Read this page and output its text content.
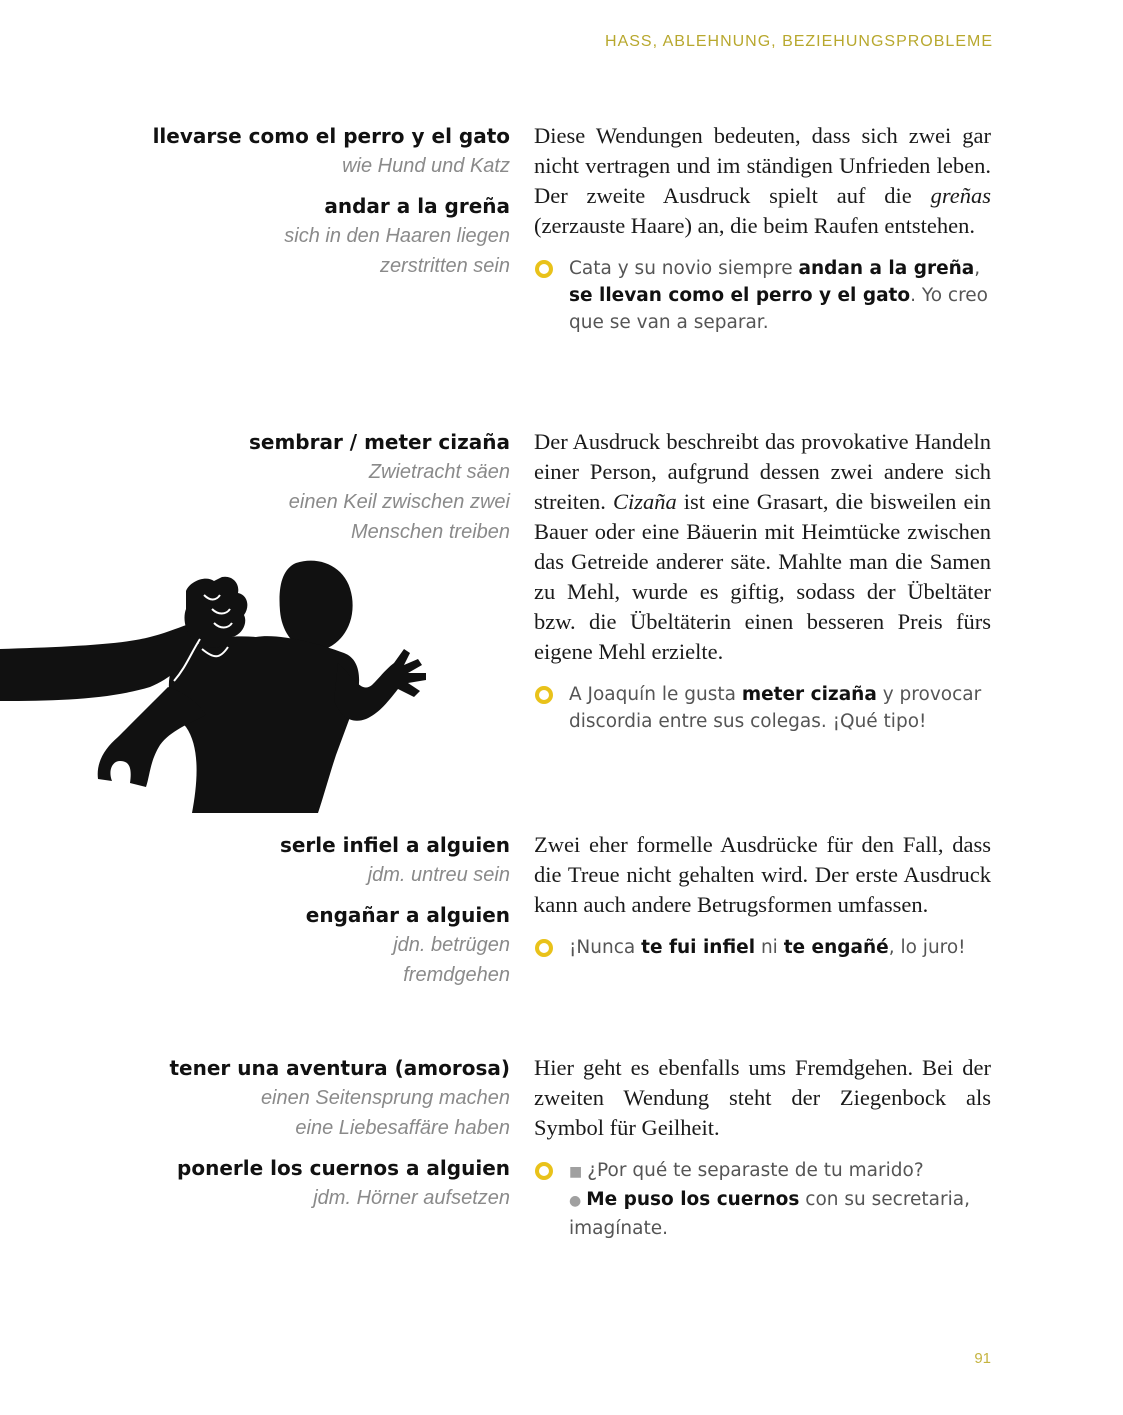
HASS, ABLEHNUNG, BEZIEHUNGSPROBLEME
llevarse como el perro y el gato
wie Hund und Katz
andar a la greña
sich in den Haaren liegen
zerstritten sein

Diese Wendungen bedeuten, dass sich zwei gar nicht vertragen und im ständigen Unfrieden leben. Der zweite Ausdruck spielt auf die greñas (zerzauste Haare) an, die beim Raufen entstehen.

Cata y su novio siempre andan a la greña, se llevan como el perro y el gato. Yo creo que se van a separar.
sembrar / meter cizaña
Zwietracht säen
einen Keil zwischen zwei
Menschen treiben

Der Ausdruck beschreibt das provokative Handeln einer Person, aufgrund dessen zwei andere sich streiten. Cizaña ist eine Grasart, die bisweilen ein Bauer oder eine Bäuerin mit Heimtücke zwischen das Getreide anderer säte. Mahlte man die Samen zu Mehl, wurde es giftig, sodass der Übeltäter bzw. die Übeltäterin einen besseren Preis fürs eigene Mehl erzielte.

A Joaquín le gusta meter cizaña y provocar discordia entre sus colegas. ¡Qué tipo!
serle infiel a alguien
jdm. untreu sein
engañar a alguien
jdn. betrügen
fremdgehen

Zwei eher formelle Ausdrücke für den Fall, dass die Treue nicht gehalten wird. Der erste Ausdruck kann auch andere Betrugsformen umfassen.

¡Nunca te fui infiel ni te engañé, lo juro!
tener una aventura (amorosa)
einen Seitensprung machen
eine Liebesaffäre haben
ponerle los cuernos a alguien
jdm. Hörner aufsetzen

Hier geht es ebenfalls ums Fremdgehen. Bei der zweiten Wendung steht der Ziegenbock als Symbol für Geilheit.

■ ¿Por qué te separaste de tu marido?
● Me puso los cuernos con su secretaria, imagínate.
91
